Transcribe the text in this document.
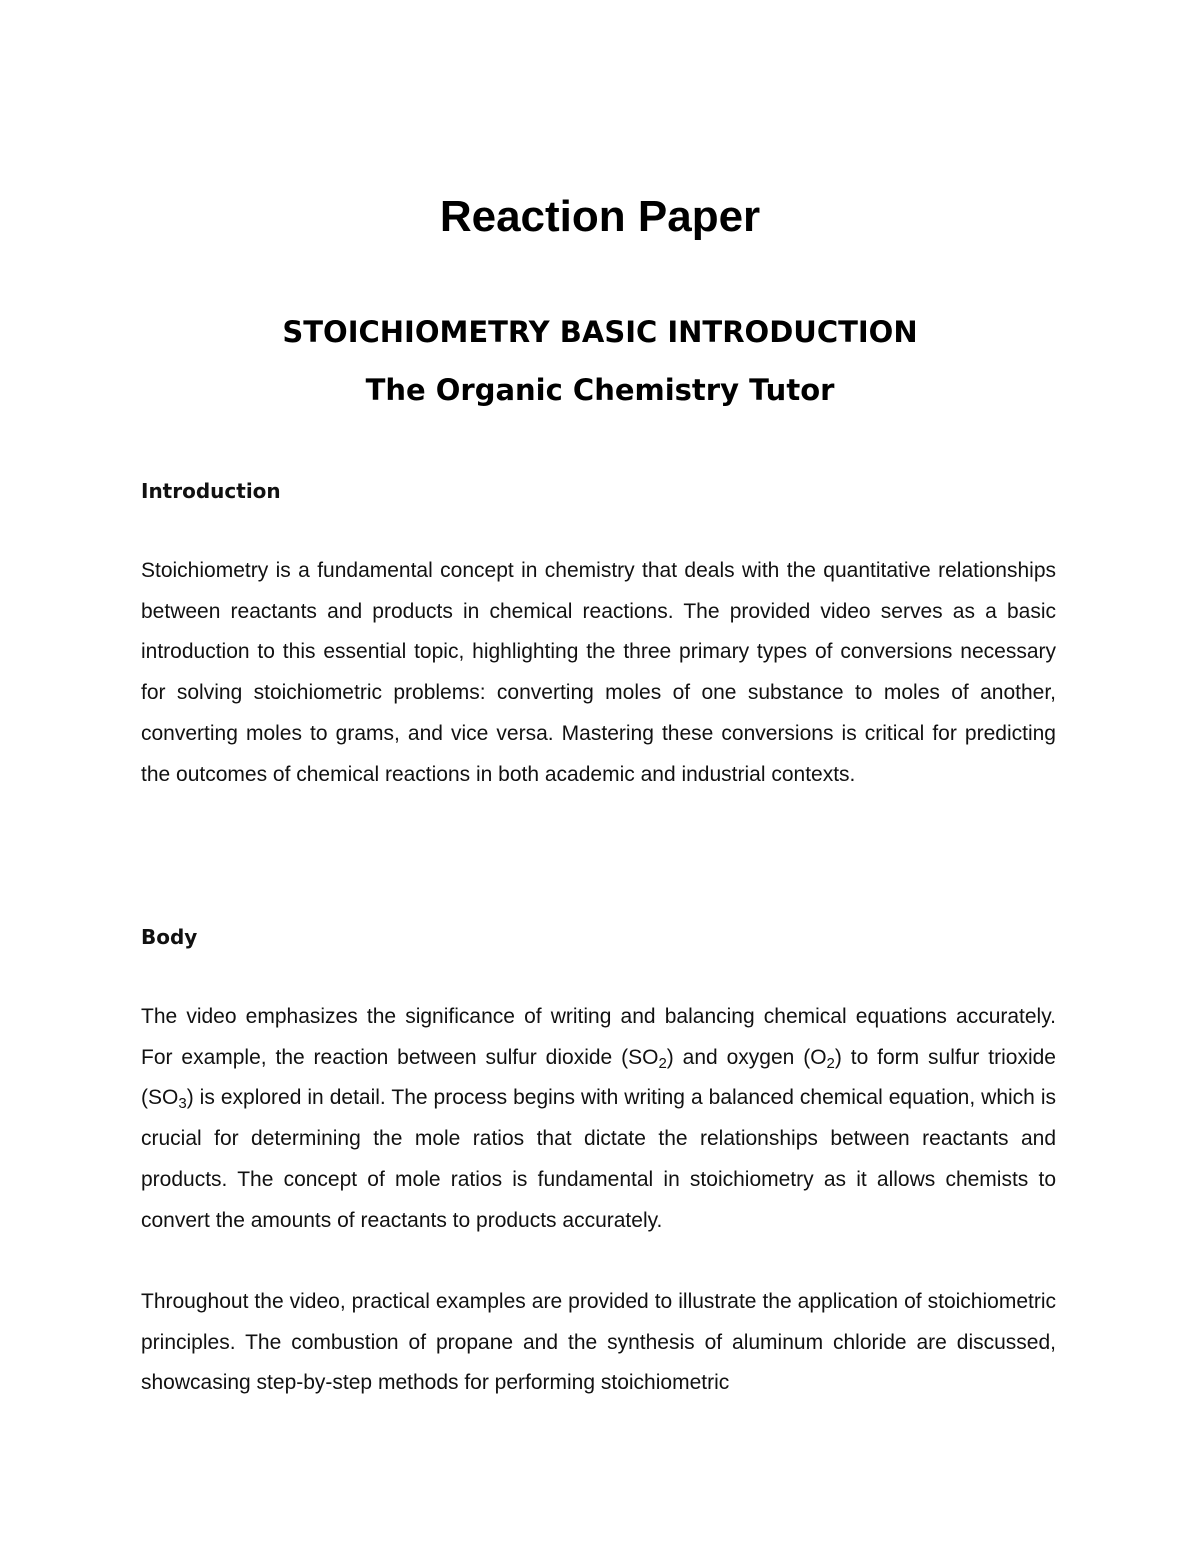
Reaction Paper
STOICHIOMETRY BASIC INTRODUCTION
The Organic Chemistry Tutor
Introduction

Stoichiometry is a fundamental concept in chemistry that deals with the quantitative relationships between reactants and products in chemical reactions. The provided video serves as a basic introduction to this essential topic, highlighting the three primary types of conversions necessary for solving stoichiometric problems: converting moles of one substance to moles of another, converting moles to grams, and vice versa. Mastering these conversions is critical for predicting the outcomes of chemical reactions in both academic and industrial contexts.

Body

The video emphasizes the significance of writing and balancing chemical equations accurately. For example, the reaction between sulfur dioxide $(SO_2)$ and oxygen $(O_2)$ to form sulfur trioxide $(SO_3)$ is explored in detail. The process begins with writing a balanced chemical equation, which is crucial for determining the mole ratios that dictate the relationships between reactants and products. The concept of mole ratios is fundamental in stoichiometry as it allows chemists to convert the amounts of reactants to products accurately.

Throughout the video, practical examples are provided to illustrate the application of stoichiometric principles. The combustion of propane and the synthesis of aluminum chloride are discussed, showcasing step-by-step methods for performing stoichiometric
